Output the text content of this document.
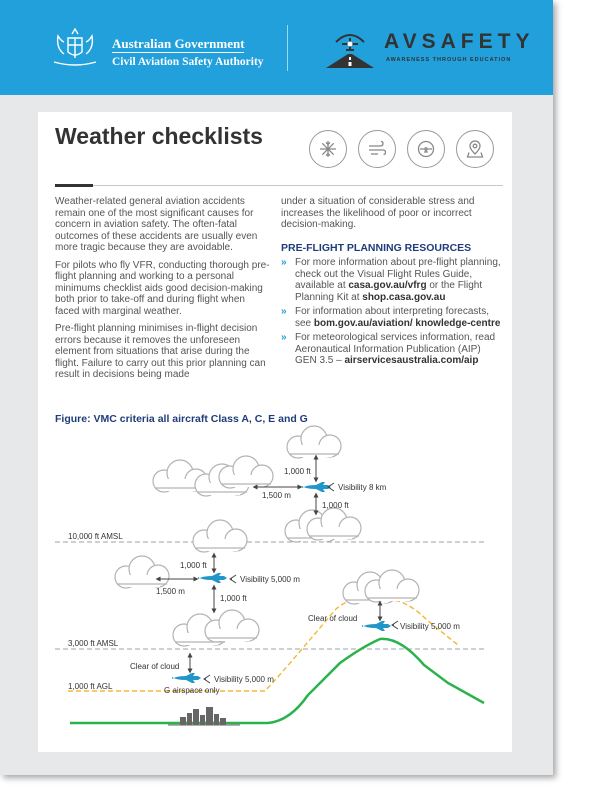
Australian Government
Civil Aviation Safety Authority
AVSAFETY
AWARENESS THROUGH EDUCATION
Weather checklists

Weather-related general aviation accidents remain one of the most significant causes for concern in aviation safety. The often-fatal outcomes of these accidents are usually even more tragic because they are avoidable.

For pilots who fly VFR, conducting thorough pre-flight planning and working to a personal minimums checklist aids good decision-making both prior to take-off and during flight when faced with marginal weather.

Pre-flight planning minimises in-flight decision errors because it removes the unforeseen element from situations that arise during the flight. Failure to carry out this prior planning can result in decisions being made

under a situation of considerable stress and increases the likelihood of poor or incorrect decision-making.

PRE-FLIGHT PLANNING RESOURCES
» For more information about pre-flight planning, check out the Visual Flight Rules Guide, available at casa.gov.au/vfrg or the Flight Planning Kit at shop.casa.gov.au
» For information about interpreting forecasts, see bom.gov.au/aviation/ knowledge-centre
» For meteorological services information, read Aeronautical Information Publication (AIP) GEN 3.5 – airservicesaustralia.com/aip
Figure: VMC criteria all aircraft Class A, C, E and G
10,000 ft AMSL
3,000 ft AMSL
1,000 ft AGL
1,000 ft
1,500 m
Visibility 8 km
1,000 ft
1,000 ft
1,500 m
Visibility 5,000 m
1,000 ft
Clear of cloud
Visibility 5,000 m
Clear of cloud
Visibility 5,000 m
G airspace only
